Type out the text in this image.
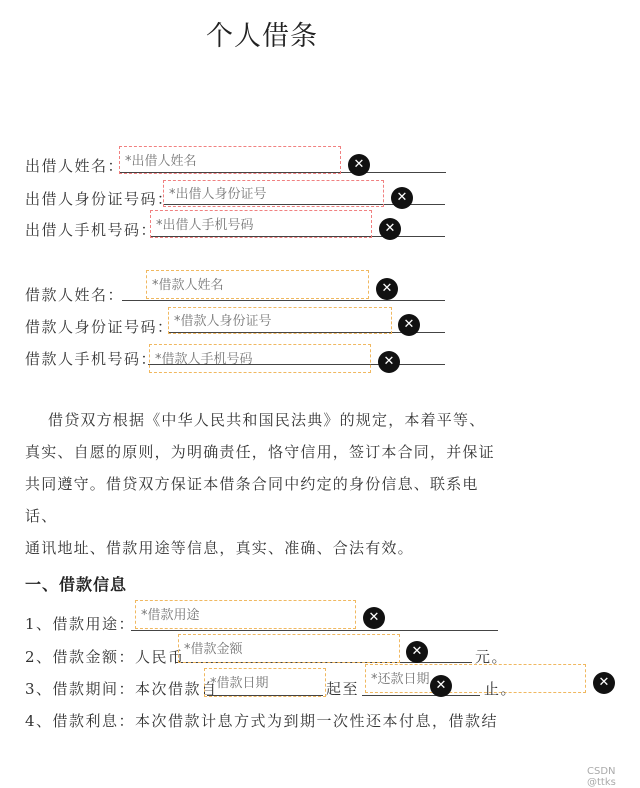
个人借条
出借人姓名：
*出借人姓名	✕
出借人身份证号码：
*出借人身份证号	✕
出借人手机号码：
*出借人手机号码	✕
借款人姓名：
*借款人姓名	✕
借款人身份证号码：
*借款人身份证号	✕
借款人手机号码：
*借款人手机号码	✕

借贷双方根据《中华人民共和国民法典》的规定，本着平等、

真实、自愿的原则，为明确责任，恪守信用，签订本合同，并保证

共同遵守。借贷双方保证本借条合同中约定的身份信息、联系电话、

通讯地址、借款用途等信息，真实、准确、合法有效。

一、借款信息
1、借款用途：
*借款用途	✕
2、借款金额：人民币
*借款金额	✕	元。
3、借款期间：本次借款自
*借款日期	起至
*还款日期	✕	✕
止。
4、借款利息：本次借款计息方式为到期一次性还本付息，借款结
CSDN @ttks
